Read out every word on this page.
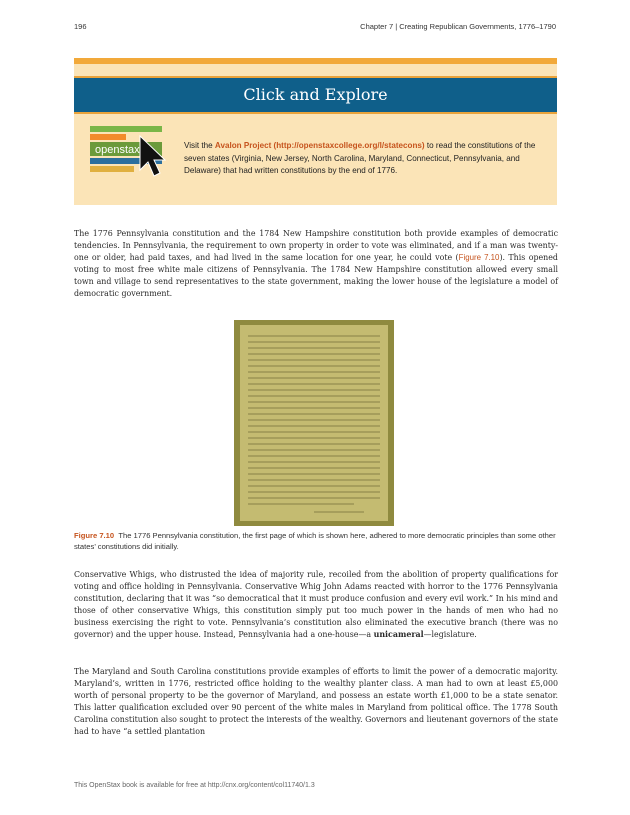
196	Chapter 7 | Creating Republican Governments, 1776–1790
Click and Explore
openstax	Visit the Avalon Project (http://openstaxcollege.org/l/statecons) to read the constitutions of the seven states (Virginia, New Jersey, North Carolina, Maryland, Connecticut, Pennsylvania, and Delaware) that had written constitutions by the end of 1776.

The 1776 Pennsylvania constitution and the 1784 New Hampshire constitution both provide examples of democratic tendencies. In Pennsylvania, the requirement to own property in order to vote was eliminated, and if a man was twenty-one or older, had paid taxes, and had lived in the same location for one year, he could vote (Figure 7.10). This opened voting to most free white male citizens of Pennsylvania. The 1784 New Hampshire constitution allowed every small town and village to send representatives to the state government, making the lower house of the legislature a model of democratic government.

Figure 7.10 The 1776 Pennsylvania constitution, the first page of which is shown here, adhered to more democratic principles than some other states’ constitutions did initially.

Conservative Whigs, who distrusted the idea of majority rule, recoiled from the abolition of property qualifications for voting and office holding in Pennsylvania. Conservative Whig John Adams reacted with horror to the 1776 Pennsylvania constitution, declaring that it was “so democratical that it must produce confusion and every evil work.” In his mind and those of other conservative Whigs, this constitution simply put too much power in the hands of men who had no business exercising the right to vote. Pennsylvania’s constitution also eliminated the executive branch (there was no governor) and the upper house. Instead, Pennsylvania had a one-house—a unicameral—legislature.

The Maryland and South Carolina constitutions provide examples of efforts to limit the power of a democratic majority. Maryland’s, written in 1776, restricted office holding to the wealthy planter class. A man had to own at least £5,000 worth of personal property to be the governor of Maryland, and possess an estate worth £1,000 to be a state senator. This latter qualification excluded over 90 percent of the white males in Maryland from political office. The 1778 South Carolina constitution also sought to protect the interests of the wealthy. Governors and lieutenant governors of the state had to have “a settled plantation

This OpenStax book is available for free at http://cnx.org/content/col11740/1.3
